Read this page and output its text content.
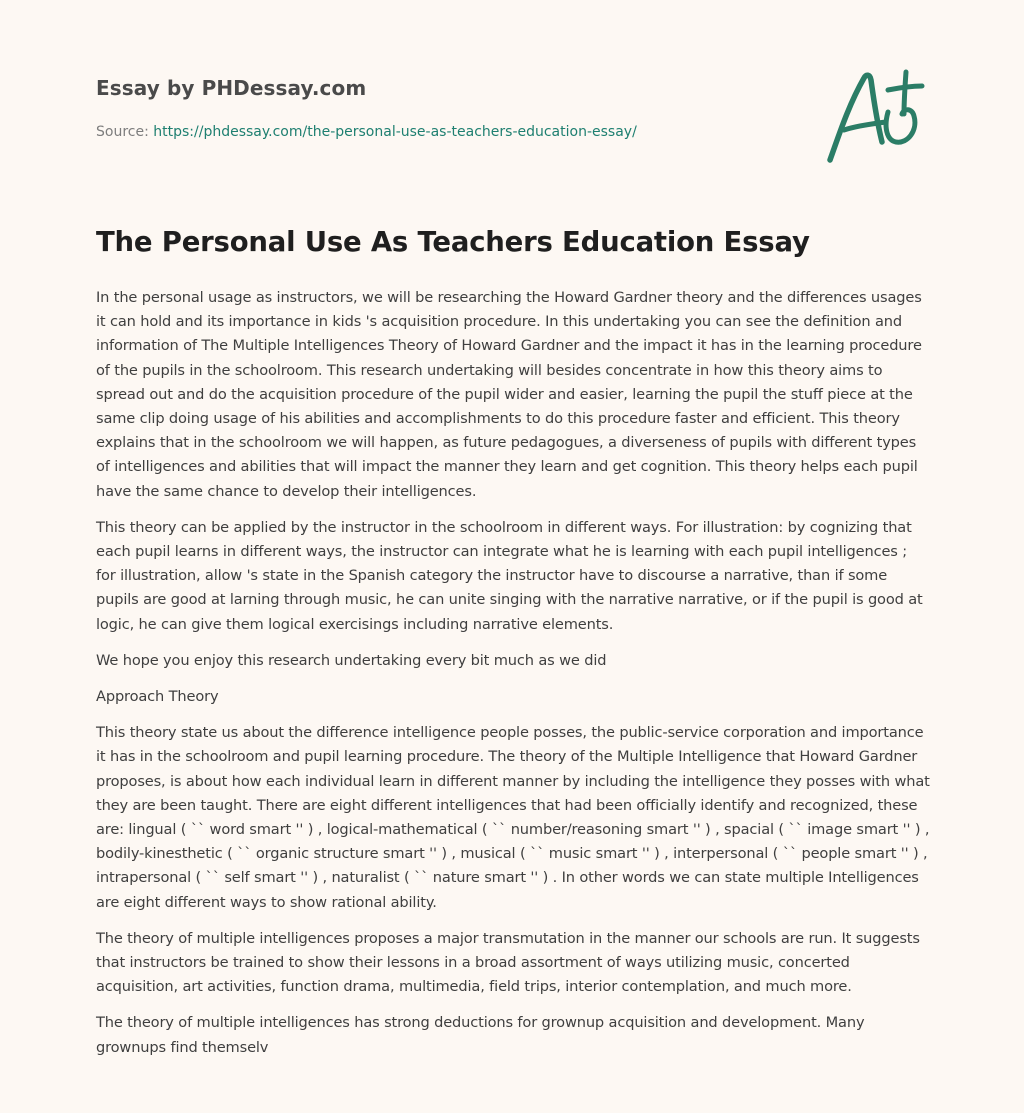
Essay by PHDessay.com
Source: https://phdessay.com/the-personal-use-as-teachers-education-essay/
The Personal Use As Teachers Education Essay

In the personal usage as instructors, we will be researching the Howard Gardner theory and the differences usages it can hold and its importance in kids 's acquisition procedure. In this undertaking you can see the definition and information of The Multiple Intelligences Theory of Howard Gardner and the impact it has in the learning procedure of the pupils in the schoolroom. This research undertaking will besides concentrate in how this theory aims to spread out and do the acquisition procedure of the pupil wider and easier, learning the pupil the stuff piece at the same clip doing usage of his abilities and accomplishments to do this procedure faster and efficient. This theory explains that in the schoolroom we will happen, as future pedagogues, a diverseness of pupils with different types of intelligences and abilities that will impact the manner they learn and get cognition. This theory helps each pupil have the same chance to develop their intelligences.

This theory can be applied by the instructor in the schoolroom in different ways. For illustration: by cognizing that each pupil learns in different ways, the instructor can integrate what he is learning with each pupil intelligences ; for illustration, allow 's state in the Spanish category the instructor have to discourse a narrative, than if some pupils are good at larning through music, he can unite singing with the narrative narrative, or if the pupil is good at logic, he can give them logical exercisings including narrative elements.

We hope you enjoy this research undertaking every bit much as we did

Approach Theory

This theory state us about the difference intelligence people posses, the public-service corporation and importance it has in the schoolroom and pupil learning procedure. The theory of the Multiple Intelligence that Howard Gardner proposes, is about how each individual learn in different manner by including the intelligence they posses with what they are been taught. There are eight different intelligences that had been officially identify and recognized, these are: lingual ( `` word smart '' ) , logical-mathematical ( `` number/reasoning smart '' ) , spacial ( `` image smart '' ) , bodily-kinesthetic ( `` organic structure smart '' ) , musical ( `` music smart '' ) , interpersonal ( `` people smart '' ) , intrapersonal ( `` self smart '' ) , naturalist ( `` nature smart '' ) . In other words we can state multiple Intelligences are eight different ways to show rational ability.

The theory of multiple intelligences proposes a major transmutation in the manner our schools are run. It suggests that instructors be trained to show their lessons in a broad assortment of ways utilizing music, concerted acquisition, art activities, function drama, multimedia, field trips, interior contemplation, and much more.

The theory of multiple intelligences has strong deductions for grownup acquisition and development. Many grownups find themselv
